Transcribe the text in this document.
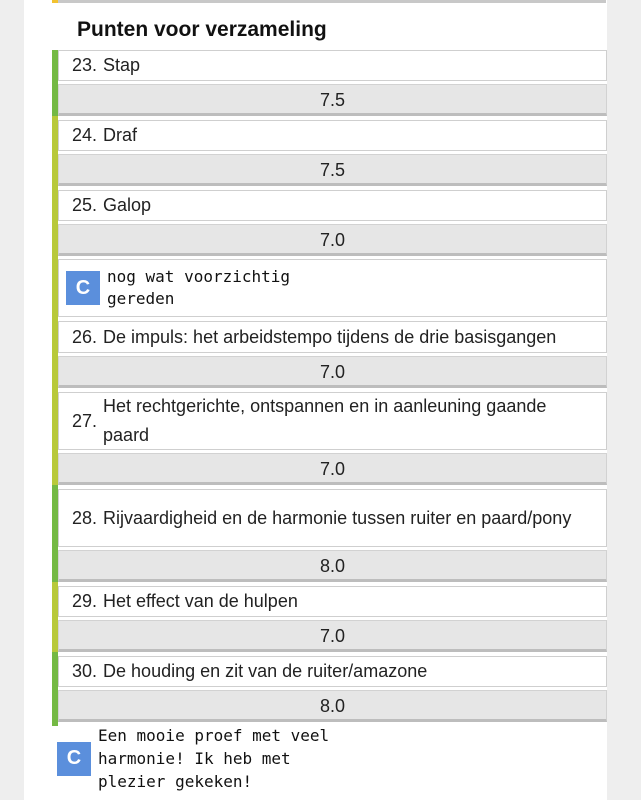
Punten voor verzameling
23. Stap
7.5
24. Draf
7.5
25. Galop
7.0
C	nog wat voorzichtig
gereden
26. De impuls: het arbeidstempo tijdens de drie basisgangen
7.0
27.
Het rechtgerichte, ontspannen en in aanleuning gaande paard
7.0
28. Rijvaardigheid en de harmonie tussen ruiter en paard/pony
8.0
29. Het effect van de hulpen
7.0
30. De houding en zit van de ruiter/amazone
8.0
C
Een mooie proef met veel
harmonie! Ik heb met
plezier gekeken!
